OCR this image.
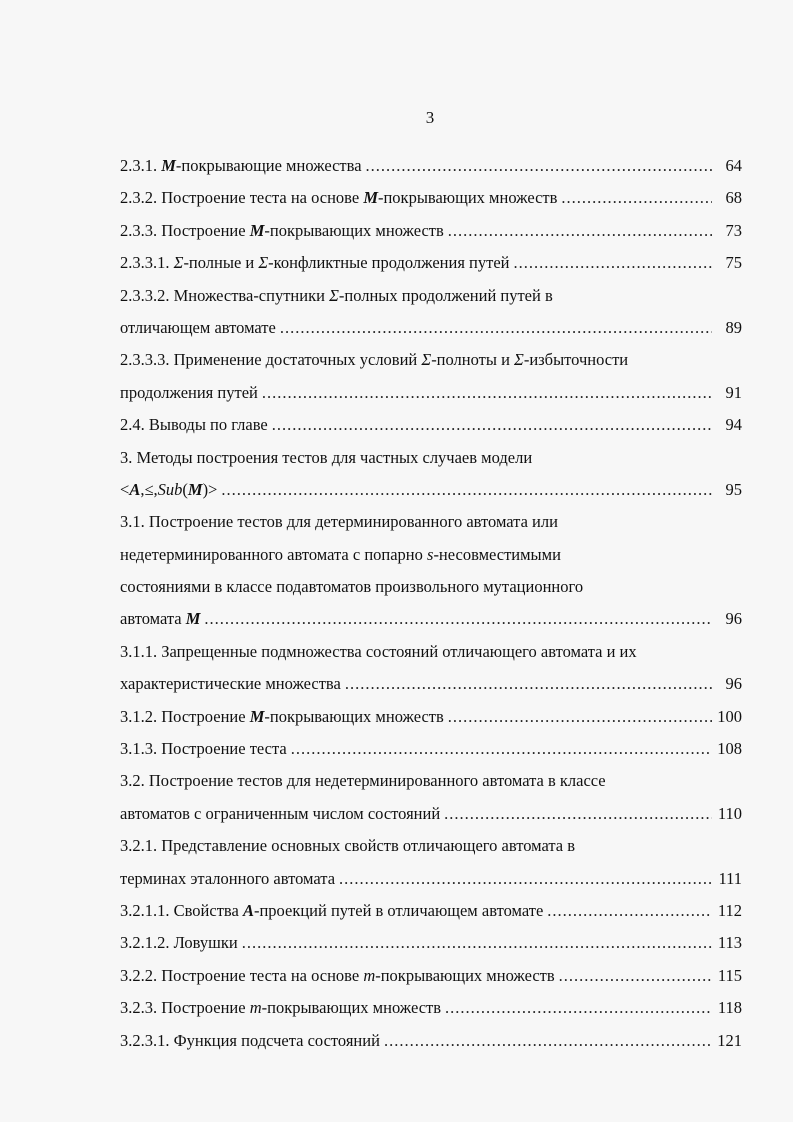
3
2.3.1. M-покрывающие множества .....	64
2.3.2. Построение теста на основе M-покрывающих множеств .....	68
2.3.3. Построение M-покрывающих множеств .....	73
2.3.3.1. Σ-полные и Σ-конфликтные продолжения путей .....	75
2.3.3.2. Множества-спутники Σ-полных продолжений путей в
отличающем автомате .....	89
2.3.3.3. Применение достаточных условий Σ-полноты и Σ-избыточности
продолжения путей .....	91
2.4. Выводы по главе .....	94
3. Методы построения тестов для частных случаев модели
<A,≤,Sub(M)> .....	95
3.1. Построение тестов для детерминированного автомата или
недетерминированного автомата с попарно s-несовместимыми
состояниями в классе подавтоматов произвольного мутационного
автомата M .....	96
3.1.1. Запрещенные подмножества состояний отличающего автомата и их
характеристические множества .....	96
3.1.2. Построение M-покрывающих множеств .....	100
3.1.3. Построение теста .....	108
3.2. Построение тестов для недетерминированного автомата в классе
автоматов с ограниченным числом состояний .....	110
3.2.1. Представление основных свойств отличающего автомата в
терминах эталонного автомата .....	111
3.2.1.1. Свойства A-проекций путей в отличающем автомате .....	112
3.2.1.2. Ловушки .....	113
3.2.2. Построение теста на основе m-покрывающих множеств .....	115
3.2.3. Построение m-покрывающих множеств .....	118
3.2.3.1. Функция подсчета состояний .....	121
